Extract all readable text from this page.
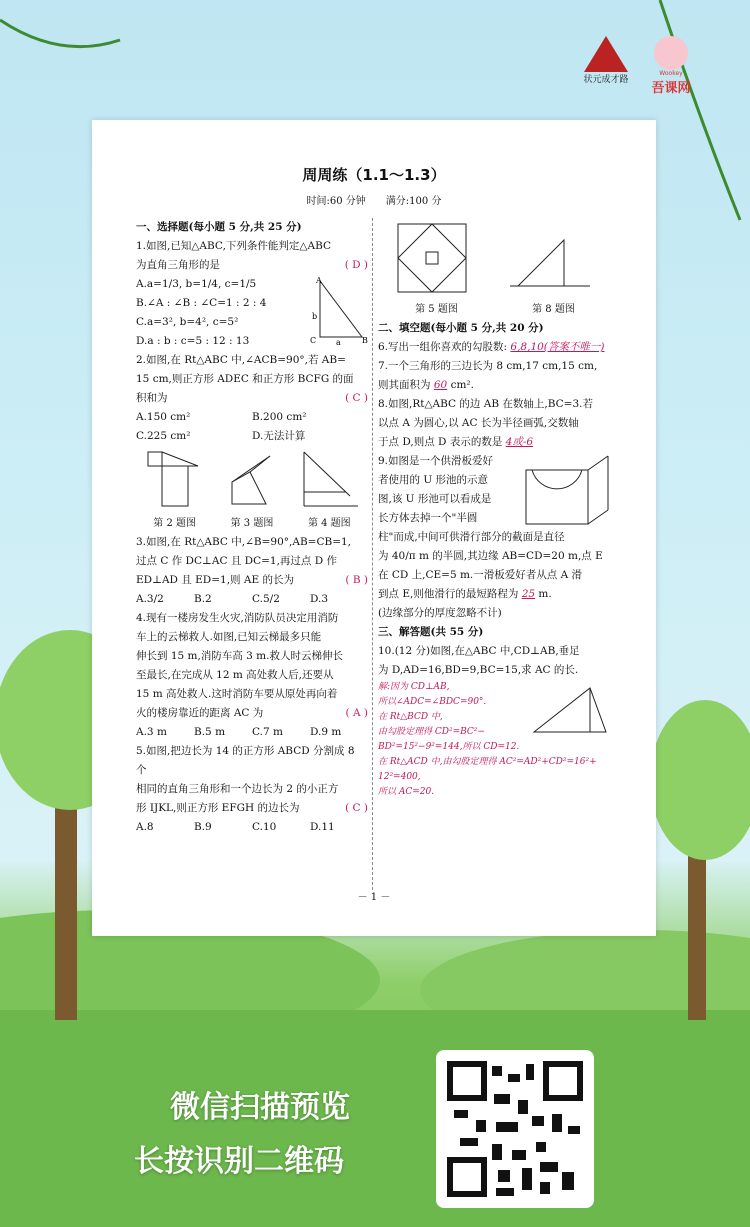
状元成才路
Wookey
吾课网
周周练（1.1～1.3）
时间:60 分钟　　满分:100 分
一、选择题(每小题 5 分,共 25 分)
A
b
C a	B
1.如图,已知△ABC,下列条件能判定△ABC
为直角三角形的是	( D )
A.a=1/3, b=1/4, c=1/5
B.∠A : ∠B : ∠C=1 : 2 : 4
C.a=3², b=4², c=5²
D.a : b : c=5 : 12 : 13
2.如图,在 Rt△ABC 中,∠ACB=90°,若 AB=
15 cm,则正方形 ADEC 和正方形 BCFG 的面
积和为	( C )
A.150 cm²	B.200 cm²
C.225 cm²	D.无法计算
第 2 题图	第 3 题图	第 4 题图
3.如图,在 Rt△ABC 中,∠B=90°,AB=CB=1,
过点 C 作 DC⊥AC 且 DC=1,再过点 D 作
ED⊥AD 且 ED=1,则 AE 的长为	( B )
A.3/2	B.2	C.5/2	D.3
4.现有一楼房发生火灾,消防队员决定用消防
车上的云梯救人.如图,已知云梯最多只能
伸长到 15 m,消防车高 3 m.救人时云梯伸长
至最长,在完成从 12 m 高处救人后,还要从
15 m 高处救人.这时消防车要从原处再向着
火的楼房靠近的距离 AC 为	( A )
A.3 m	B.5 m	C.7 m	D.9 m
5.如图,把边长为 14 的正方形 ABCD 分割成 8 个
相同的直角三角形和一个边长为 2 的小正方
形 IJKL,则正方形 EFGH 的边长为	( C )
A.8	B.9	C.10	D.11
第 5 题图	第 8 题图
二、填空题(每小题 5 分,共 20 分)
6.写出一组你喜欢的勾股数: 6,8,10(答案不唯一)
7.一个三角形的三边长为 8 cm,17 cm,15 cm,
则其面积为 60 cm².
8.如图,Rt△ABC 的边 AB 在数轴上,BC=3.若
以点 A 为圆心,以 AC 长为半径画弧,交数轴
于点 D,则点 D 表示的数是 4或-6
9.如图是一个供滑板爱好
者使用的 U 形池的示意
图,该 U 形池可以看成是
长方体去掉一个"半圆
柱"而成,中间可供滑行部分的截面是直径
为 40/π m 的半圆,其边缘 AB=CD=20 m,点 E
在 CD 上,CE=5 m.一滑板爱好者从点 A 滑
到点 E,则他滑行的最短路程为 25 m.
(边缘部分的厚度忽略不计)
三、解答题(共 55 分)
10.(12 分)如图,在△ABC 中,CD⊥AB,垂足
为 D,AD=16,BD=9,BC=15,求 AC 的长.
解:因为 CD⊥AB,
所以∠ADC=∠BDC=90°.
在 Rt△BCD 中,
由勾股定理得 CD²=BC²−
BD²=15²−9²=144,所以 CD=12.
在 Rt△ACD 中,由勾股定理得 AC²=AD²+CD²=16²+
12²=400,
所以 AC=20.
－ 1 －
微信扫描预览
长按识别二维码
